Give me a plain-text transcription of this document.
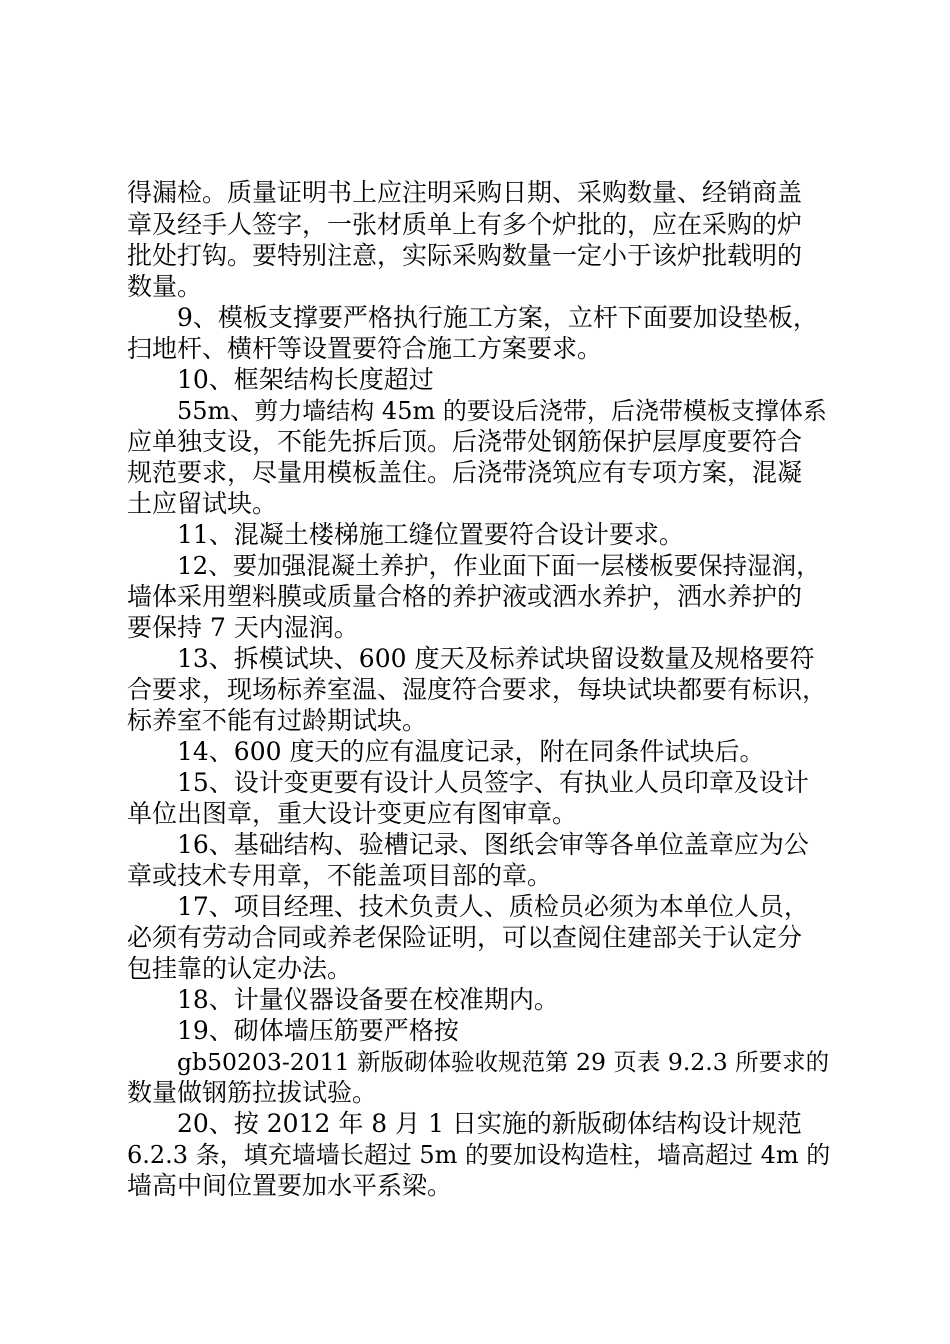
得漏检。质量证明书上应注明采购日期、采购数量、经销商盖
章及经手人签字，一张材质单上有多个炉批的，应在采购的炉
批处打钩。要特别注意，实际采购数量一定小于该炉批载明的
数量。
9、模板支撑要严格执行施工方案，立杆下面要加设垫板，
扫地杆、横杆等设置要符合施工方案要求。
10、框架结构长度超过
55m、剪力墙结构 45m 的要设后浇带，后浇带模板支撑体系
应单独支设，不能先拆后顶。后浇带处钢筋保护层厚度要符合
规范要求，尽量用模板盖住。后浇带浇筑应有专项方案，混凝
土应留试块。
11、混凝土楼梯施工缝位置要符合设计要求。
12、要加强混凝土养护，作业面下面一层楼板要保持湿润，
墙体采用塑料膜或质量合格的养护液或洒水养护，洒水养护的
要保持 7 天内湿润。
13、拆模试块、600 度天及标养试块留设数量及规格要符
合要求，现场标养室温、湿度符合要求，每块试块都要有标识，
标养室不能有过龄期试块。
14、600 度天的应有温度记录，附在同条件试块后。
15、设计变更要有设计人员签字、有执业人员印章及设计
单位出图章，重大设计变更应有图审章。
16、基础结构、验槽记录、图纸会审等各单位盖章应为公
章或技术专用章，不能盖项目部的章。
17、项目经理、技术负责人、质检员必须为本单位人员，
必须有劳动合同或养老保险证明，可以查阅住建部关于认定分
包挂靠的认定办法。
18、计量仪器设备要在校准期内。
19、砌体墙压筋要严格按
gb50203-2011 新版砌体验收规范第 29 页表 9.2.3 所要求的
数量做钢筋拉拔试验。
20、按 2012 年 8 月 1 日实施的新版砌体结构设计规范
6.2.3 条，填充墙墙长超过 5m 的要加设构造柱，墙高超过 4m 的
墙高中间位置要加水平系梁。
